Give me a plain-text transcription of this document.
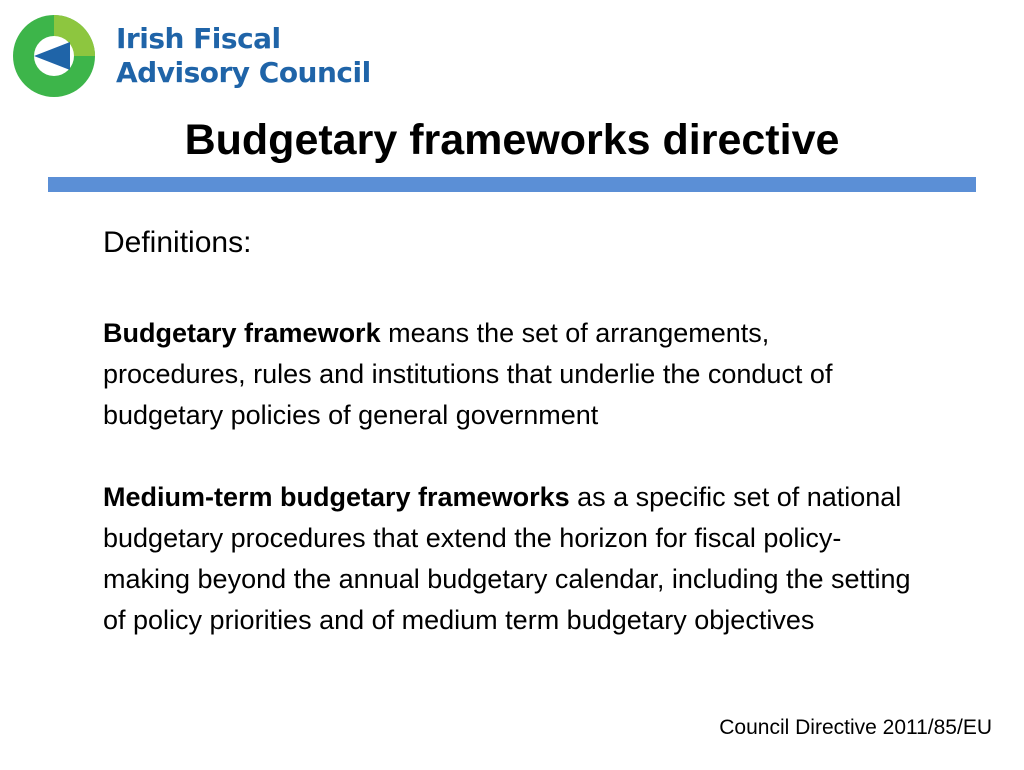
Irish Fiscal
Advisory Council
Budgetary frameworks directive

Definitions:

Budgetary framework means the set of arrangements, procedures, rules and institutions that underlie the conduct of budgetary policies of general government

Medium-term budgetary frameworks as a specific set of national budgetary procedures that extend the horizon for fiscal policy-making beyond the annual budgetary calendar, including the setting of policy priorities and of medium term budgetary objectives

Council Directive 2011/85/EU
